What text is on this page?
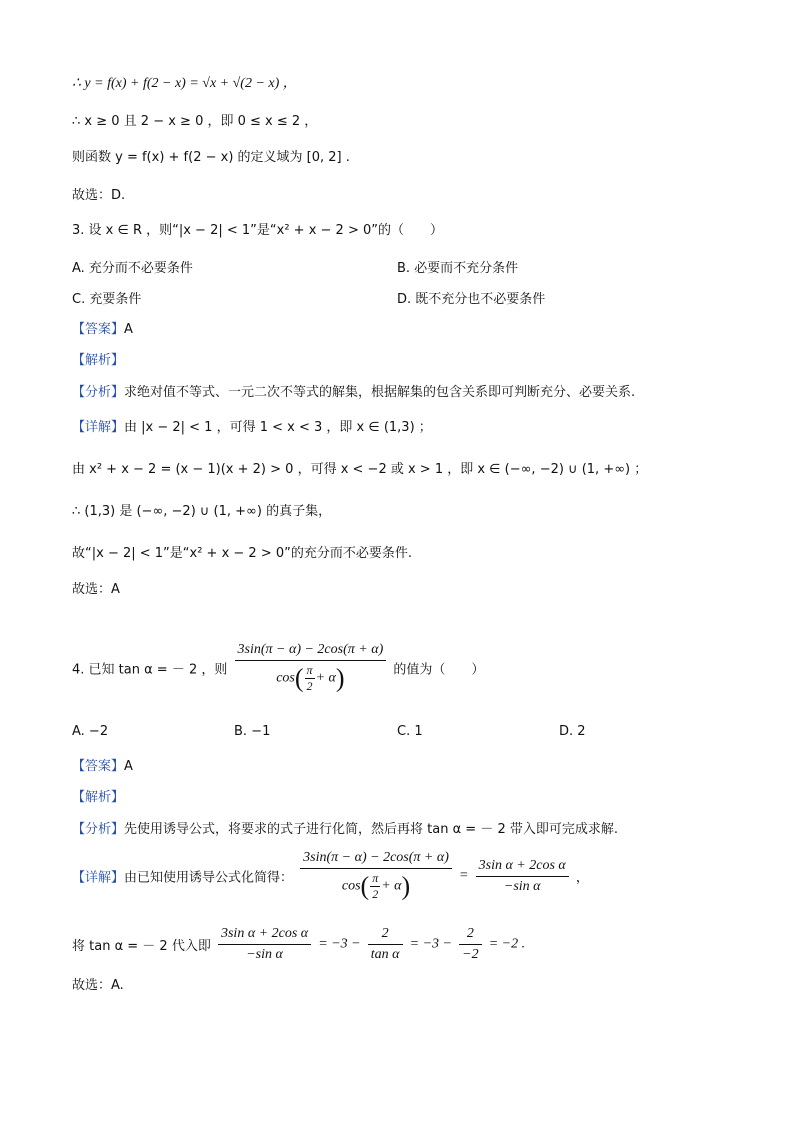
∴ y = f(x) + f(2 − x) = √x + √(2 − x) ，
∴ x ≥ 0 且 2 − x ≥ 0 ，即 0 ≤ x ≤ 2 ，
则函数 y = f(x) + f(2 − x) 的定义域为 [0, 2] .
故选：D.
3. 设 x ∈ R ，则“|x − 2| < 1”是“x² + x − 2 > 0”的（　　）
A. 充分而不必要条件	B. 必要而不充分条件
C. 充要条件	D. 既不充分也不必要条件
【答案】A
【解析】
【分析】求绝对值不等式、一元二次不等式的解集，根据解集的包含关系即可判断充分、必要关系.
【详解】由 |x − 2| < 1 ，可得 1 < x < 3 ，即 x ∈ (1,3) ；
由 x² + x − 2 = (x − 1)(x + 2) > 0 ，可得 x < −2 或 x > 1 ，即 x ∈ (−∞, −2) ∪ (1, +∞) ；
∴ (1,3) 是 (−∞, −2) ∪ (1, +∞) 的真子集，
故“|x − 2| < 1”是“x² + x − 2 > 0”的充分而不必要条件.
故选：A
4. 已知 tan α = － 2 ，则 $\frac{3\sin(\pi - \alpha) - 2\cos(\pi + \alpha)}{\cos( \frac{\pi}{2} + \alpha)}$ 的值为（　　）
A. −2	B. −1	C. 1	D. 2
【答案】A
【解析】
【分析】先使用诱导公式，将要求的式子进行化简，然后再将 tan α = － 2 带入即可完成求解.
【详解】由已知使用诱导公式化简得： $\frac{3\sin(\pi - \alpha) - 2\cos(\pi + \alpha)}{\cos( \frac{\pi}{2} + \alpha)} = \frac{\text{3sin α + 2cos α}}{\text{−sin α}}$ ，
将 tan α = － 2 代入即 $\frac{\text{3sin α + 2cos α}}{\text{−sin α}} = -3 - \frac{2}{\text{tan α}} = -3 - \frac{2}{-2} = -2$ .
故选：A.
